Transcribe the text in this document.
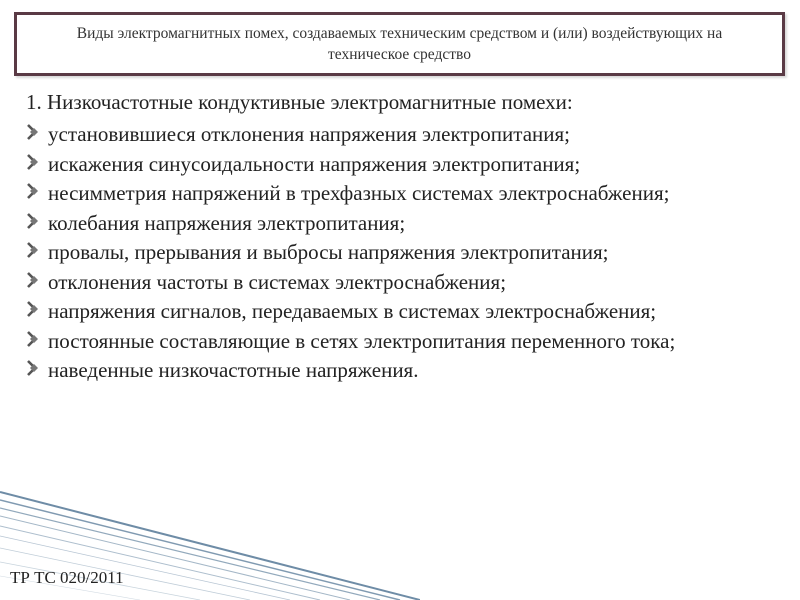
Виды электромагнитных помех, создаваемых техническим средством и (или) воздействующих на техническое средство
1. Низкочастотные кондуктивные электромагнитные помехи:
установившиеся отклонения напряжения электропитания;
искажения синусоидальности напряжения электропитания;
несимметрия напряжений в трехфазных системах электроснабжения;
колебания напряжения электропитания;
провалы, прерывания и выбросы напряжения электропитания;
отклонения частоты в системах электроснабжения;
напряжения сигналов, передаваемых в системах электроснабжения;
постоянные составляющие в сетях электропитания переменного тока;
наведенные низкочастотные напряжения.
ТР ТС 020/2011
